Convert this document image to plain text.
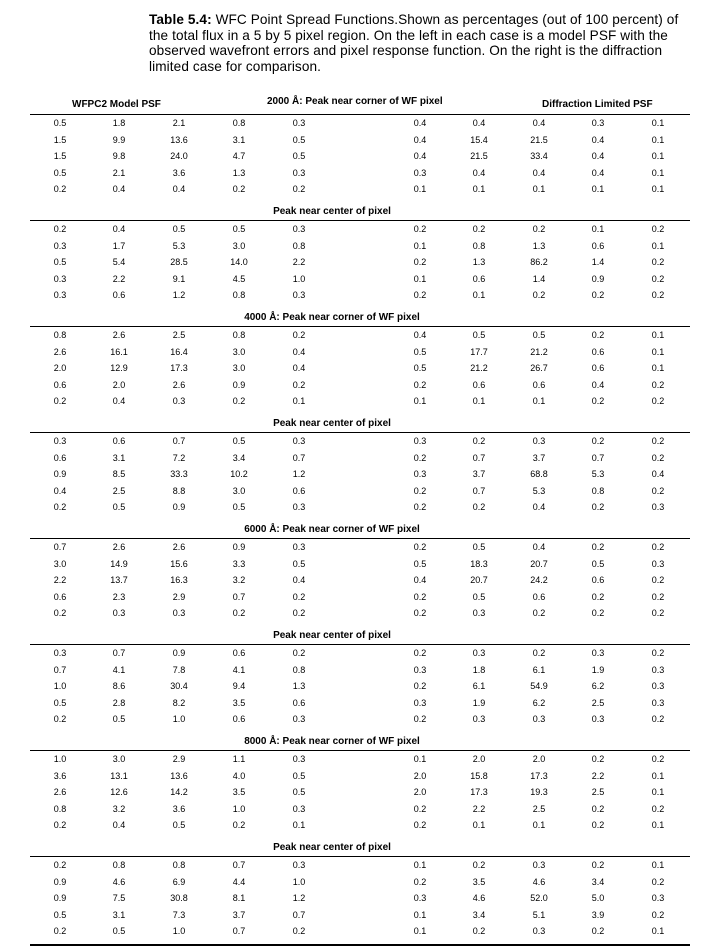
Table 5.4: WFC Point Spread Functions.Shown as percentages (out of 100 percent) of the total flux in a 5 by 5 pixel region. On the left in each case is a model PSF with the observed wavefront errors and pixel response function. On the right is the diffraction limited case for comparison.
WFPC2 Model PSF	2000 Å: Peak near corner of WF pixel	Diffraction Limited PSF
0.5	1.8	2.1	0.8	0.3	0.4	0.4	0.4	0.3	0.1
1.5	9.9	13.6	3.1	0.5	0.4	15.4	21.5	0.4	0.1
1.5	9.8	24.0	4.7	0.5	0.4	21.5	33.4	0.4	0.1
0.5	2.1	3.6	1.3	0.3	0.3	0.4	0.4	0.4	0.1
0.2	0.4	0.4	0.2	0.2	0.1	0.1	0.1	0.1	0.1
Peak near center of pixel
0.2	0.4	0.5	0.5	0.3	0.2	0.2	0.2	0.1	0.2
0.3	1.7	5.3	3.0	0.8	0.1	0.8	1.3	0.6	0.1
0.5	5.4	28.5	14.0	2.2	0.2	1.3	86.2	1.4	0.2
0.3	2.2	9.1	4.5	1.0	0.1	0.6	1.4	0.9	0.2
0.3	0.6	1.2	0.8	0.3	0.2	0.1	0.2	0.2	0.2
4000 Å: Peak near corner of WF pixel
0.8	2.6	2.5	0.8	0.2	0.4	0.5	0.5	0.2	0.1
2.6	16.1	16.4	3.0	0.4	0.5	17.7	21.2	0.6	0.1
2.0	12.9	17.3	3.0	0.4	0.5	21.2	26.7	0.6	0.1
0.6	2.0	2.6	0.9	0.2	0.2	0.6	0.6	0.4	0.2
0.2	0.4	0.3	0.2	0.1	0.1	0.1	0.1	0.2	0.2
Peak near center of pixel
0.3	0.6	0.7	0.5	0.3	0.3	0.2	0.3	0.2	0.2
0.6	3.1	7.2	3.4	0.7	0.2	0.7	3.7	0.7	0.2
0.9	8.5	33.3	10.2	1.2	0.3	3.7	68.8	5.3	0.4
0.4	2.5	8.8	3.0	0.6	0.2	0.7	5.3	0.8	0.2
0.2	0.5	0.9	0.5	0.3	0.2	0.2	0.4	0.2	0.3
6000 Å: Peak near corner of WF pixel
0.7	2.6	2.6	0.9	0.3	0.2	0.5	0.4	0.2	0.2
3.0	14.9	15.6	3.3	0.5	0.5	18.3	20.7	0.5	0.3
2.2	13.7	16.3	3.2	0.4	0.4	20.7	24.2	0.6	0.2
0.6	2.3	2.9	0.7	0.2	0.2	0.5	0.6	0.2	0.2
0.2	0.3	0.3	0.2	0.2	0.2	0.3	0.2	0.2	0.2
Peak near center of pixel
0.3	0.7	0.9	0.6	0.2	0.2	0.3	0.2	0.3	0.2
0.7	4.1	7.8	4.1	0.8	0.3	1.8	6.1	1.9	0.3
1.0	8.6	30.4	9.4	1.3	0.2	6.1	54.9	6.2	0.3
0.5	2.8	8.2	3.5	0.6	0.3	1.9	6.2	2.5	0.3
0.2	0.5	1.0	0.6	0.3	0.2	0.3	0.3	0.3	0.2
8000 Å: Peak near corner of WF pixel
1.0	3.0	2.9	1.1	0.3	0.1	2.0	2.0	0.2	0.2
3.6	13.1	13.6	4.0	0.5	2.0	15.8	17.3	2.2	0.1
2.6	12.6	14.2	3.5	0.5	2.0	17.3	19.3	2.5	0.1
0.8	3.2	3.6	1.0	0.3	0.2	2.2	2.5	0.2	0.2
0.2	0.4	0.5	0.2	0.1	0.2	0.1	0.1	0.2	0.1
Peak near center of pixel
0.2	0.8	0.8	0.7	0.3	0.1	0.2	0.3	0.2	0.1
0.9	4.6	6.9	4.4	1.0	0.2	3.5	4.6	3.4	0.2
0.9	7.5	30.8	8.1	1.2	0.3	4.6	52.0	5.0	0.3
0.5	3.1	7.3	3.7	0.7	0.1	3.4	5.1	3.9	0.2
0.2	0.5	1.0	0.7	0.2	0.1	0.2	0.3	0.2	0.1
